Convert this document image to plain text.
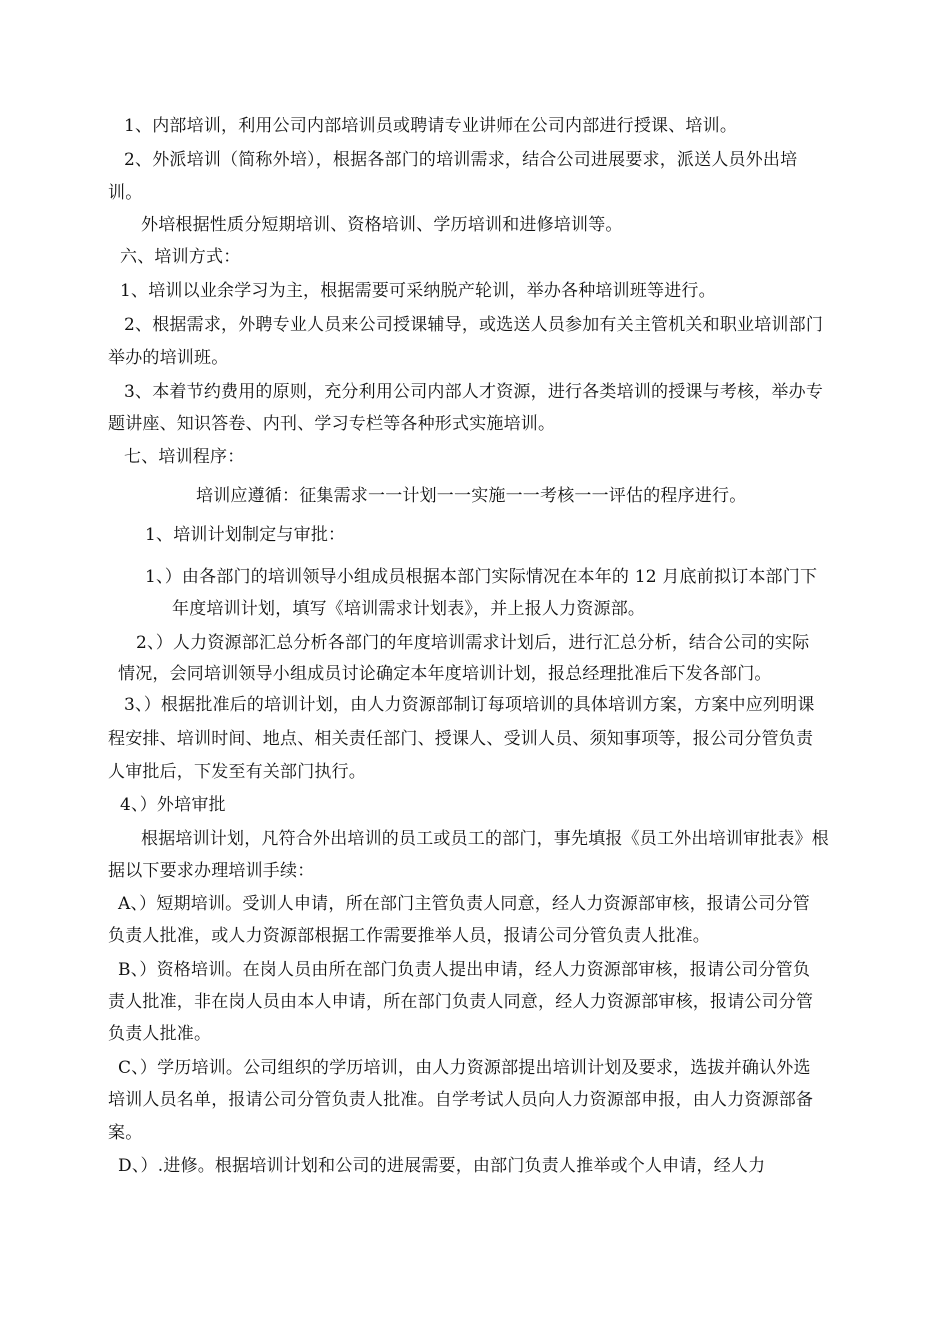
1、内部培训，利用公司内部培训员或聘请专业讲师在公司内部进行授课、培训。
2、外派培训（简称外培），根据各部门的培训需求，结合公司进展要求，派送人员外出培
训。
外培根据性质分短期培训、资格培训、学历培训和进修培训等。
六、培训方式：
1、培训以业余学习为主，根据需要可采纳脱产轮训，举办各种培训班等进行。
2、根据需求，外聘专业人员来公司授课辅导，或选送人员参加有关主管机关和职业培训部门
举办的培训班。
3、本着节约费用的原则，充分利用公司内部人才资源，进行各类培训的授课与考核，举办专
题讲座、知识答卷、内刊、学习专栏等各种形式实施培训。
七、培训程序：
培训应遵循：征集需求一一计划一一实施一一考核一一评估的程序进行。
1、培训计划制定与审批：
1、）由各部门的培训领导小组成员根据本部门实际情况在本年的 12 月底前拟订本部门下
年度培训计划，填写《培训需求计划表》，并上报人力资源部。
2、）人力资源部汇总分析各部门的年度培训需求计划后，进行汇总分析，结合公司的实际
情况，会同培训领导小组成员讨论确定本年度培训计划，报总经理批准后下发各部门。
3、）根据批准后的培训计划，由人力资源部制订每项培训的具体培训方案，方案中应列明课
程安排、培训时间、地点、相关责任部门、授课人、受训人员、须知事项等，报公司分管负责
人审批后，下发至有关部门执行。
4、）外培审批
根据培训计划，凡符合外出培训的员工或员工的部门，事先填报《员工外出培训审批表》根
据以下要求办理培训手续：
A、）短期培训。受训人申请，所在部门主管负责人同意，经人力资源部审核，报请公司分管
负责人批准，或人力资源部根据工作需要推举人员，报请公司分管负责人批准。
B、）资格培训。在岗人员由所在部门负责人提出申请，经人力资源部审核，报请公司分管负
责人批准，非在岗人员由本人申请，所在部门负责人同意，经人力资源部审核，报请公司分管
负责人批准。
C、）学历培训。公司组织的学历培训，由人力资源部提出培训计划及要求，选拔并确认外选
培训人员名单，报请公司分管负责人批准。自学考试人员向人力资源部申报，由人力资源部备
案。
D、）.进修。根据培训计划和公司的进展需要，由部门负责人推举或个人申请，经人力
